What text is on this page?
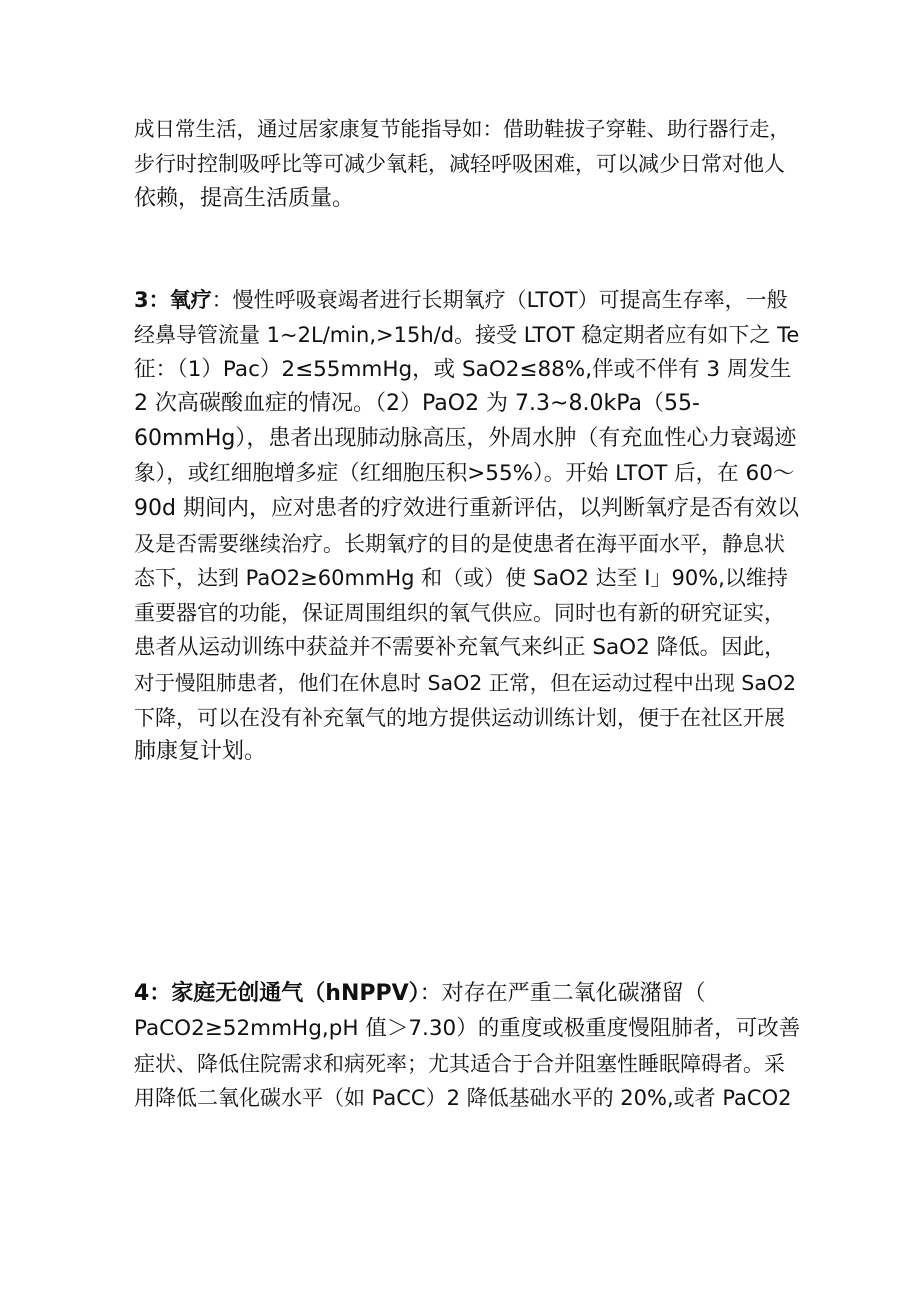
成日常生活，通过居家康复节能指导如：借助鞋拔子穿鞋、助行器行走，
步行时控制吸呼比等可减少氧耗，减轻呼吸困难，可以减少日常对他人
依赖，提高生活质量。
3：氧疗：慢性呼吸衰竭者进行长期氧疗（LTOT）可提高生存率，一般
经鼻导管流量 1~2L/min,>15h/d。接受 LTOT 稳定期者应有如下之 Te
征：（1）Pac）2≤55mmHg，或 SaO2≤88%,伴或不伴有 3 周发生
2 次高碳酸血症的情况。（2）PaO2 为 7.3~8.0kPa（55-
60mmHg），患者出现肺动脉高压，外周水肿（有充血性心力衰竭迹
象），或红细胞增多症（红细胞压积>55%）。开始 LTOT 后，在 60～
90d 期间内，应对患者的疗效进行重新评估，以判断氧疗是否有效以
及是否需要继续治疗。长期氧疗的目的是使患者在海平面水平，静息状
态下，达到 PaO2≥60mmHg 和（或）使 SaO2 达至 I」90%,以维持
重要器官的功能，保证周围组织的氧气供应。同时也有新的研究证实，
患者从运动训练中获益并不需要补充氧气来纠正 SaO2 降低。因此，
对于慢阻肺患者，他们在休息时 SaO2 正常，但在运动过程中出现 SaO2
下降，可以在没有补充氧气的地方提供运动训练计划，便于在社区开展
肺康复计划。
4：家庭无创通气（hNPPV）：对存在严重二氧化碳潴留（
PaCO2≥52mmHg,pH 值＞7.30）的重度或极重度慢阻肺者，可改善
症状、降低住院需求和病死率；尤其适合于合并阻塞性睡眠障碍者。采
用降低二氧化碳水平（如 PaCC）2 降低基础水平的 20%,或者 PaCO2
